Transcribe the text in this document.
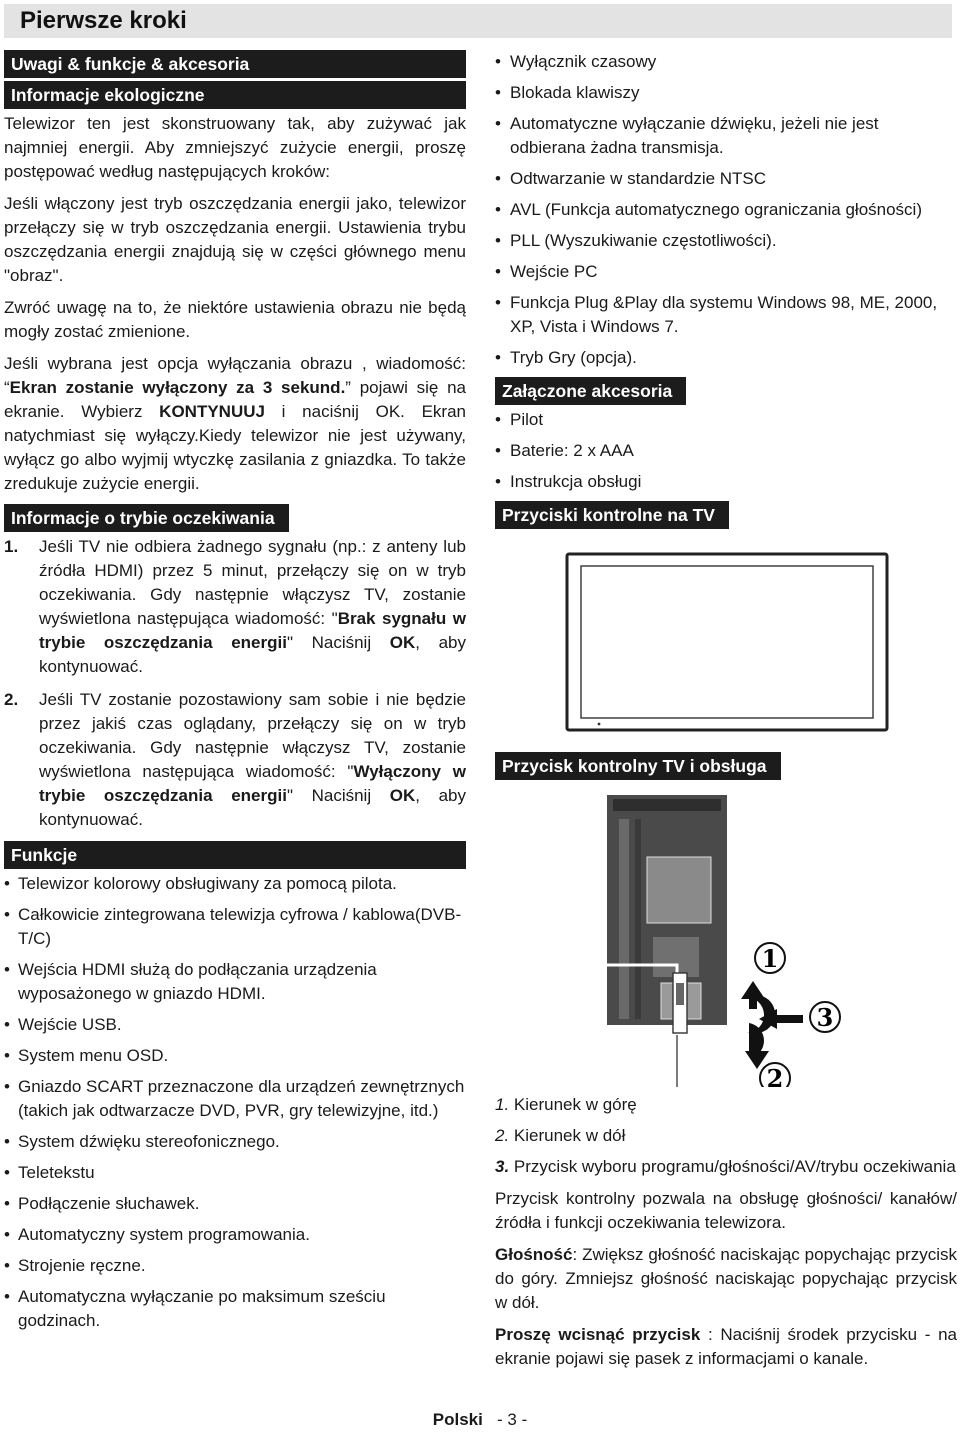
Pierwsze kroki
Uwagi & funkcje & akcesoria
Informacje ekologiczne

Telewizor ten jest skonstruowany tak, aby zużywać jak najmniej energii. Aby zmniejszyć zużycie energii, proszę postępować według następujących kroków:

Jeśli włączony jest tryb oszczędzania energii jako, telewizor przełączy się w tryb oszczędzania energii. Ustawienia trybu oszczędzania energii znajdują się w części głównego menu "obraz".

Zwróć uwagę na to, że niektóre ustawienia obrazu nie będą mogły zostać zmienione.

Jeśli wybrana jest opcja wyłączania obrazu , wiadomość: “Ekran zostanie wyłączony za 3 sekund.” pojawi się na ekranie. Wybierz KONTYNUUJ i naciśnij OK. Ekran natychmiast się wyłączy.Kiedy telewizor nie jest używany, wyłącz go albo wyjmij wtyczkę zasilania z gniazdka. To także zredukuje zużycie energii.

Informacje o trybie oczekiwania
1.	Jeśli TV nie odbiera żadnego sygnału (np.: z anteny lub źródła HDMI) przez 5 minut, przełączy się on w tryb oczekiwania. Gdy następnie włączysz TV, zostanie wyświetlona następująca wiadomość: "Brak sygnału w trybie oszczędzania energii" Naciśnij OK, aby kontynuować.
2.	Jeśli TV zostanie pozostawiony sam sobie i nie będzie przez jakiś czas oglądany, przełączy się on w tryb oczekiwania. Gdy następnie włączysz TV, zostanie wyświetlona następująca wiadomość: "Wyłączony w trybie oszczędzania energii" Naciśnij OK, aby kontynuować.
Funkcje
• Telewizor kolorowy obsługiwany za pomocą pilota.
• Całkowicie zintegrowana telewizja cyfrowa / kablowa(DVB-T/C)
• Wejścia HDMI służą do podłączania urządzenia wyposażonego w gniazdo HDMI.
• Wejście USB.
• System menu OSD.
• Gniazdo SCART przeznaczone dla urządzeń zewnętrznych (takich jak odtwarzacze DVD, PVR, gry telewizyjne, itd.)
• System dźwięku stereofonicznego.
• Teletekstu
• Podłączenie słuchawek.
• Automatyczny system programowania.
• Strojenie ręczne.
• Automatyczna wyłączanie po maksimum sześciu godzinach.
• Wyłącznik czasowy
• Blokada klawiszy
• Automatyczne wyłączanie dźwięku, jeżeli nie jest odbierana żadna transmisja.
• Odtwarzanie w standardzie NTSC
• AVL (Funkcja automatycznego ograniczania głośności)
• PLL (Wyszukiwanie częstotliwości).
• Wejście PC
• Funkcja Plug &Play dla systemu Windows 98, ME, 2000, XP, Vista i Windows 7.
• Tryb Gry (opcja).
Załączone akcesoria
• Pilot
• Baterie: 2 x AAA
• Instrukcja obsługi
Przyciski kontrolne na TV
Przycisk kontrolny TV i obsługa
1
3
2
1. Kierunek w górę
2. Kierunek w dół

3. Przycisk wyboru programu/głośności/AV/trybu oczekiwania

Przycisk kontrolny pozwala na obsługę głośności/ kanałów/ źródła i funkcji oczekiwania telewizora.

Głośność: Zwiększ głośność naciskając popychając przycisk do góry. Zmniejsz głośność naciskając popychając przycisk w dół.

Proszę wcisnąć przycisk : Naciśnij środek przycisku - na ekranie pojawi się pasek z informacjami o kanale.

Polski - 3 -
